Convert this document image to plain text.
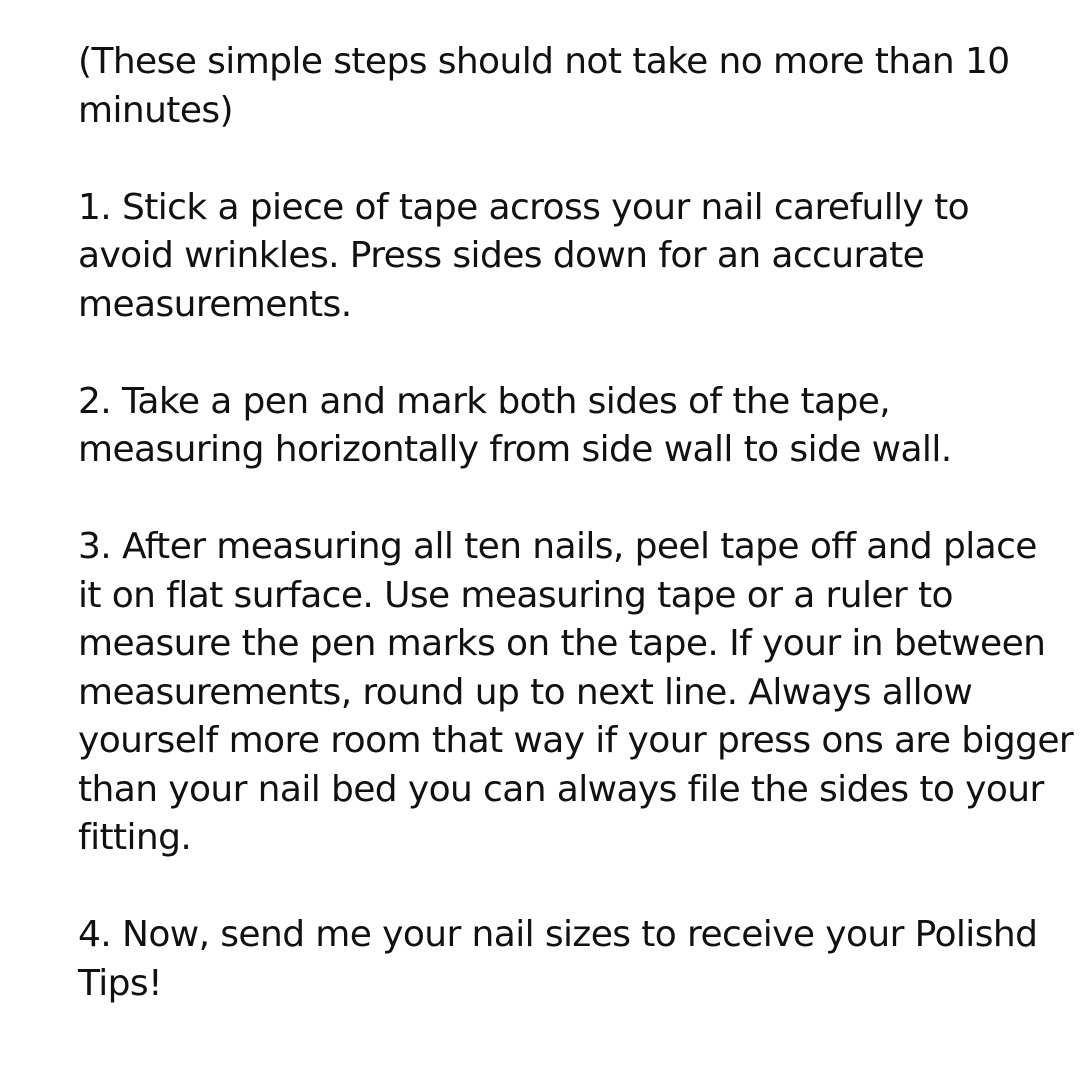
(These simple steps should not take no more than 10
minutes)

1. Stick a piece of tape across your nail carefully to
avoid wrinkles. Press sides down for an accurate
measurements.

2. Take a pen and mark both sides of the tape,
measuring horizontally from side wall to side wall.

3. After measuring all ten nails, peel tape off and place
it on flat surface. Use measuring tape or a ruler to
measure the pen marks on the tape. If your in between
measurements, round up to next line. Always allow
yourself more room that way if your press ons are bigger
than your nail bed you can always file the sides to your
fitting.

4. Now, send me your nail sizes to receive your Polishd
Tips!
